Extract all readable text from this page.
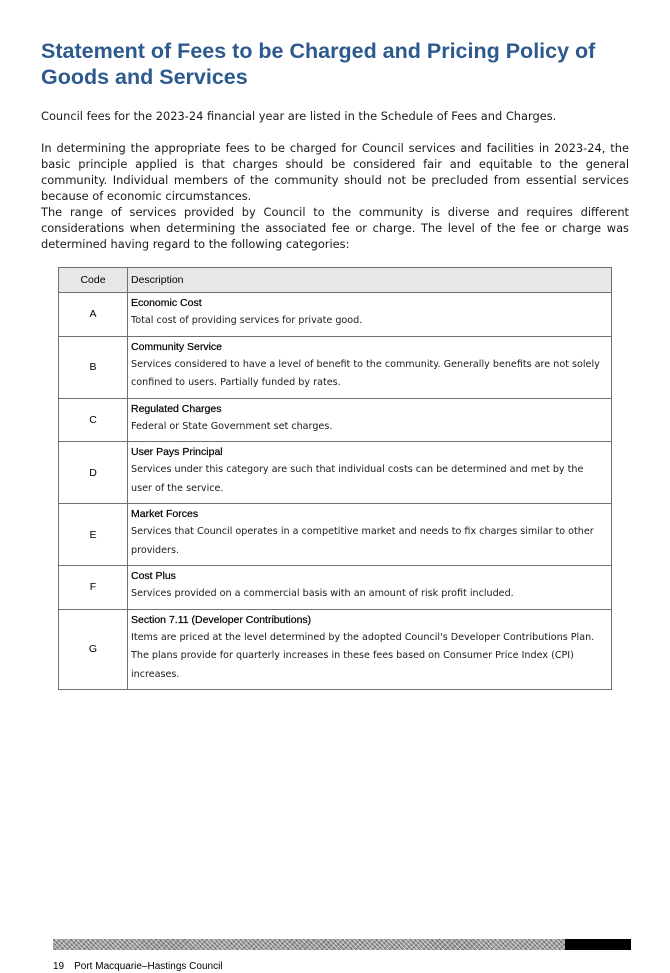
Statement of Fees to be Charged and Pricing Policy of Goods and Services

Council fees for the 2023-24 financial year are listed in the Schedule of Fees and Charges.

In determining the appropriate fees to be charged for Council services and facilities in 2023-24, the basic principle applied is that charges should be considered fair and equitable to the general community. Individual members of the community should not be precluded from essential services because of economic circumstances.

The range of services provided by Council to the community is diverse and requires different considerations when determining the associated fee or charge. The level of the fee or charge was determined having regard to the following categories:

Code	Description
A	Economic Cost
Total cost of providing services for private good.

B	Community Service
Services considered to have a level of benefit to the community. Generally benefits are not solely confined to users. Partially funded by rates.

C	Regulated Charges
Federal or State Government set charges.

D	User Pays Principal
Services under this category are such that individual costs can be determined and met by the user of the service.

E	Market Forces
Services that Council operates in a competitive market and needs to fix charges similar to other providers.

F	Cost Plus
Services provided on a commercial basis with an amount of risk profit included.

G	Section 7.11 (Developer Contributions)
Items are priced at the level determined by the adopted Council's Developer Contributions Plan. The plans provide for quarterly increases in these fees based on Consumer Price Index (CPI) increases.
19 Port Macquarie–Hastings Council
